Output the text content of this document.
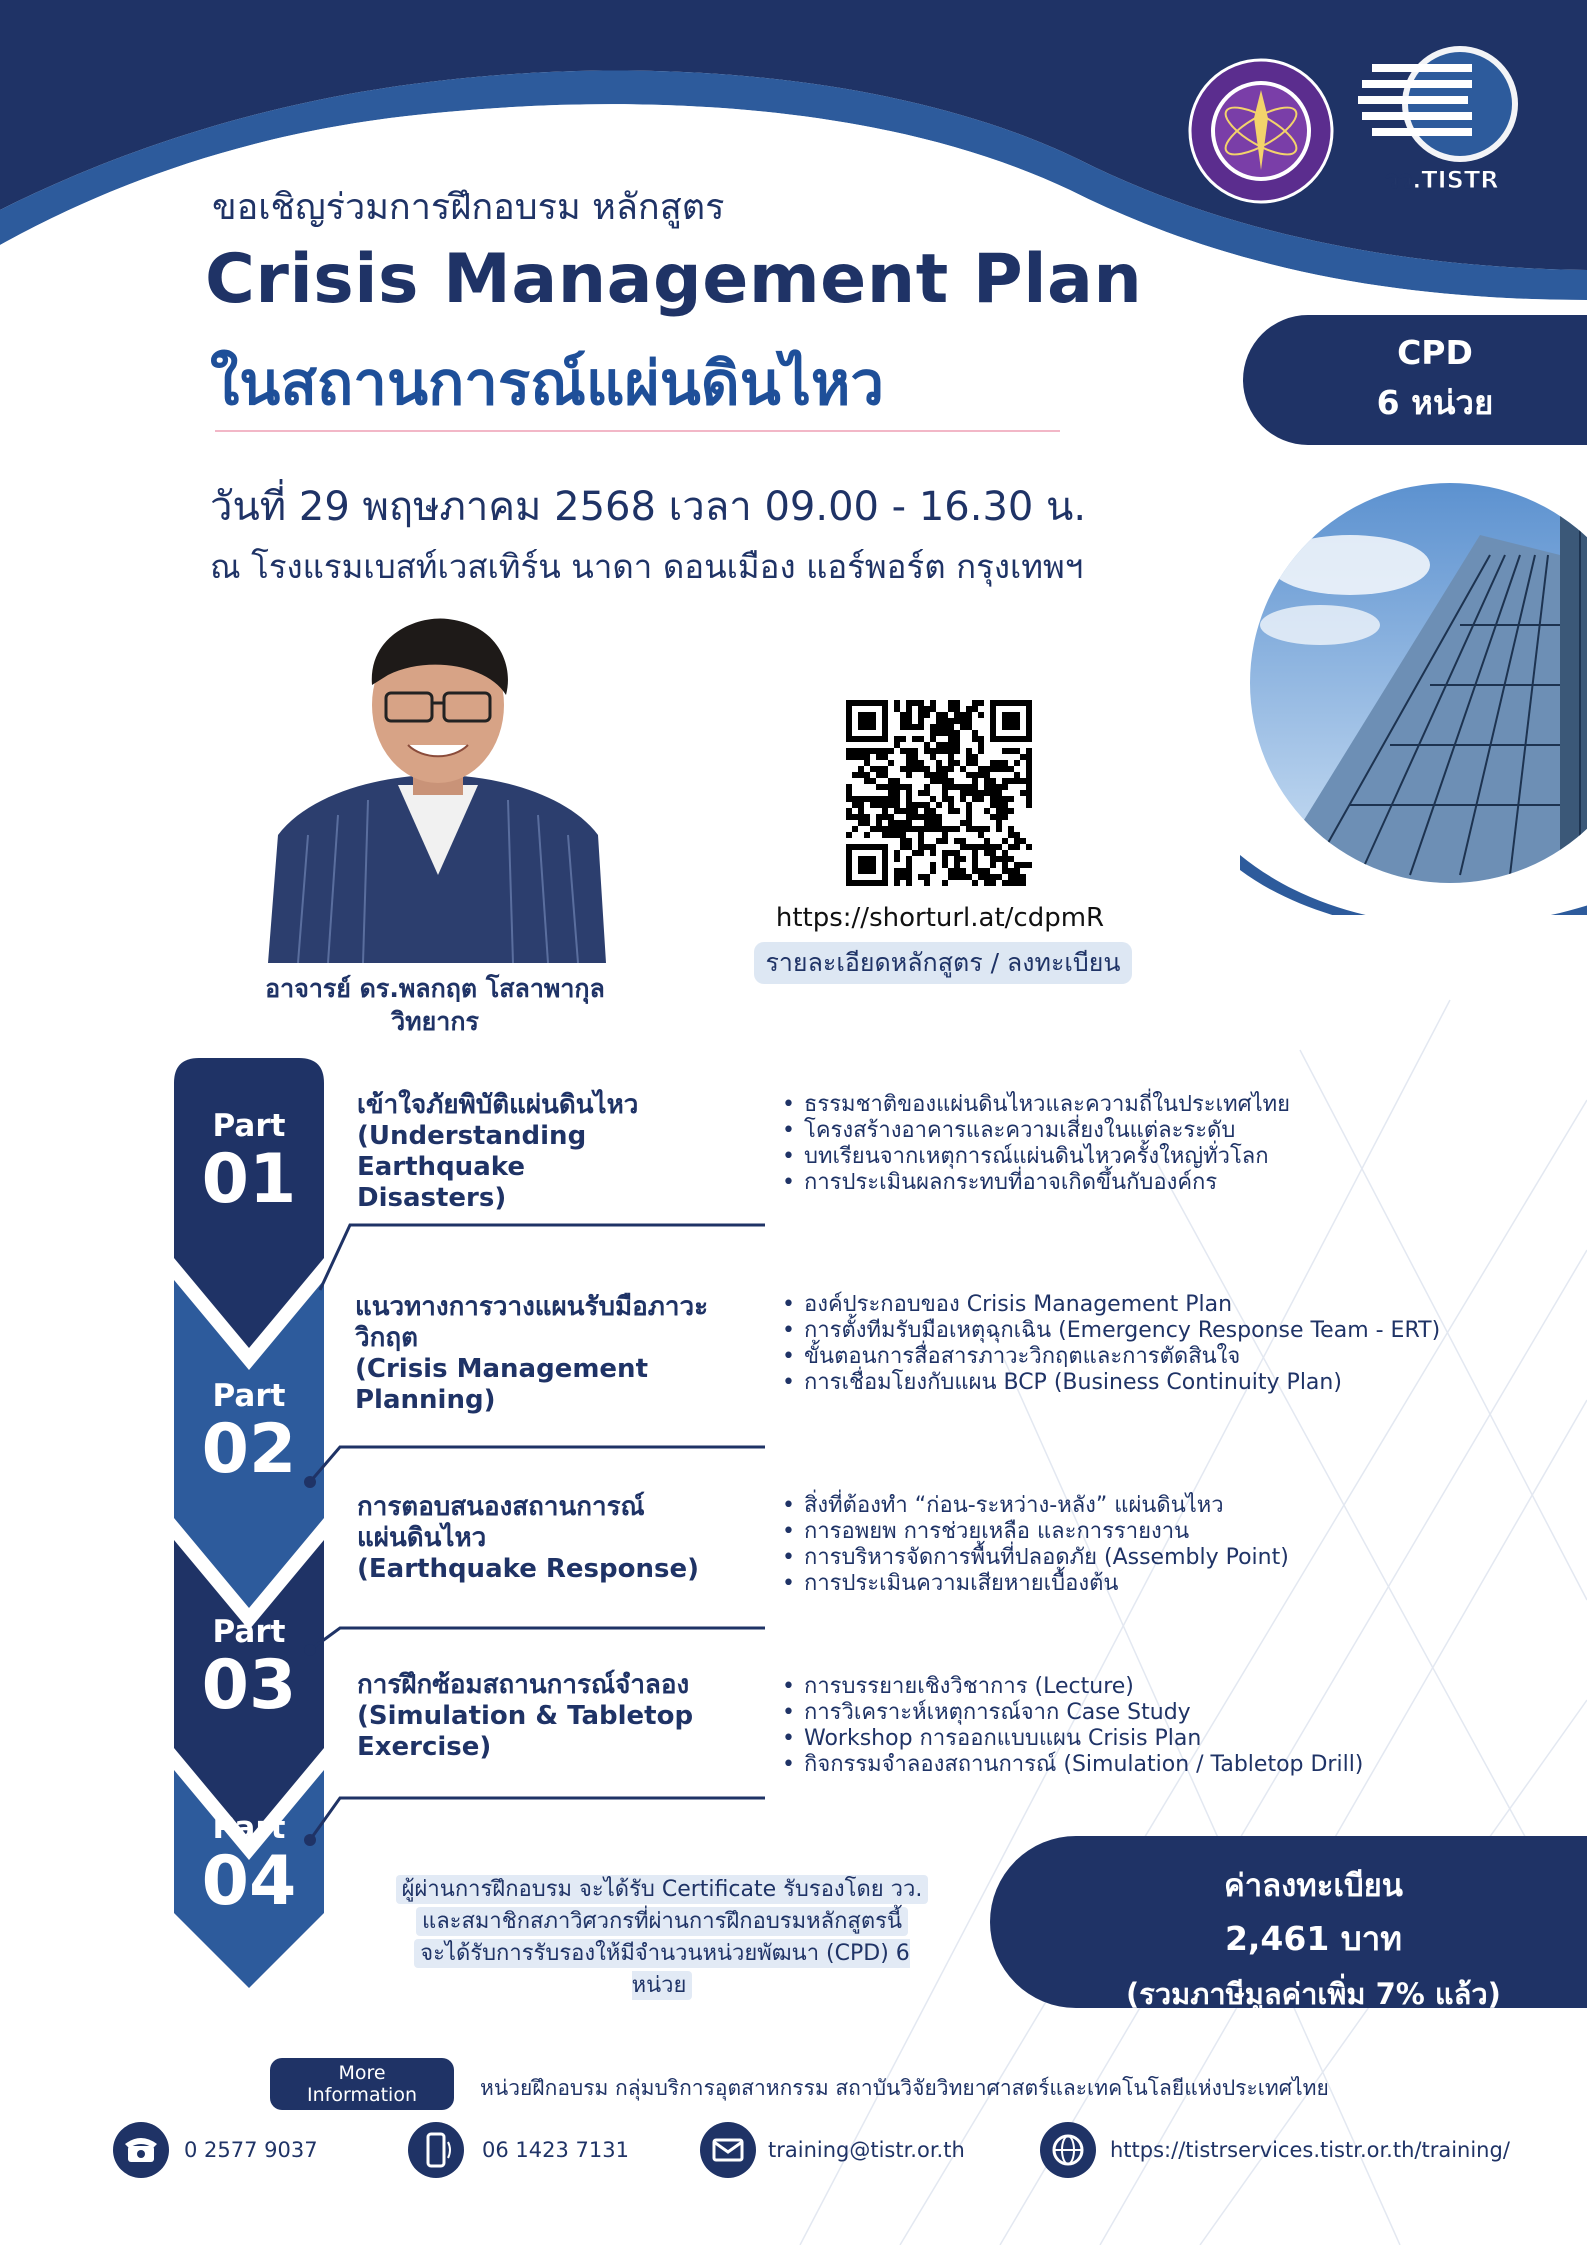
วว.TISTR
ขอเชิญร่วมการฝึกอบรม หลักสูตร
Crisis Management Plan
ในสถานการณ์แผ่นดินไหว
วันที่ 29 พฤษภาคม 2568 เวลา 09.00 - 16.30 น.
ณ โรงแรมเบสท์เวสเทิร์น นาดา ดอนเมือง แอร์พอร์ต กรุงเทพฯ
CPD
6 หน่วย
อาจารย์ ดร.พลกฤต โสลาพากุล
วิทยากร
https://shorturl.at/cdpmR
รายละเอียดหลักสูตร / ลงทะเบียน
Part
01
Part
02
Part
03
Part
04
เข้าใจภัยพิบัติแผ่นดินไหว
(Understanding Earthquake
Disasters)
• ธรรมชาติของแผ่นดินไหวและความถี่ในประเทศไทย
• โครงสร้างอาคารและความเสี่ยงในแต่ละระดับ
• บทเรียนจากเหตุการณ์แผ่นดินไหวครั้งใหญ่ทั่วโลก
• การประเมินผลกระทบที่อาจเกิดขึ้นกับองค์กร
แนวทางการวางแผนรับมือภาวะ
วิกฤต
(Crisis Management Planning)
• องค์ประกอบของ Crisis Management Plan
• การตั้งทีมรับมือเหตุฉุกเฉิน (Emergency Response Team - ERT)
• ขั้นตอนการสื่อสารภาวะวิกฤตและการตัดสินใจ
• การเชื่อมโยงกับแผน BCP (Business Continuity Plan)
การตอบสนองสถานการณ์
แผ่นดินไหว
(Earthquake Response)
• สิ่งที่ต้องทำ “ก่อน-ระหว่าง-หลัง” แผ่นดินไหว
• การอพยพ การช่วยเหลือ และการรายงาน
• การบริหารจัดการพื้นที่ปลอดภัย (Assembly Point)
• การประเมินความเสียหายเบื้องต้น
การฝึกซ้อมสถานการณ์จำลอง
(Simulation & Tabletop
Exercise)
• การบรรยายเชิงวิชาการ (Lecture)
• การวิเคราะห์เหตุการณ์จาก Case Study
• Workshop การออกแบบแผน Crisis Plan
• กิจกรรมจำลองสถานการณ์ (Simulation / Tabletop Drill)
ผู้ผ่านการฝึกอบรม จะได้รับ Certificate รับรองโดย วว.
และสมาชิกสภาวิศวกรที่ผ่านการฝึกอบรมหลักสูตรนี้
จะได้รับการรับรองให้มีจำนวนหน่วยพัฒนา (CPD) 6 หน่วย
ค่าลงทะเบียน
2,461 บาท
(รวมภาษีมูลค่าเพิ่ม 7% แล้ว)
More
Information	หน่วยฝึกอบรม กลุ่มบริการอุตสาหกรรม สถาบันวิจัยวิทยาศาสตร์และเทคโนโลยีแห่งประเทศไทย
0 2577 9037	06 1423 7131	training@tistr.or.th	https://tistrservices.tistr.or.th/training/
